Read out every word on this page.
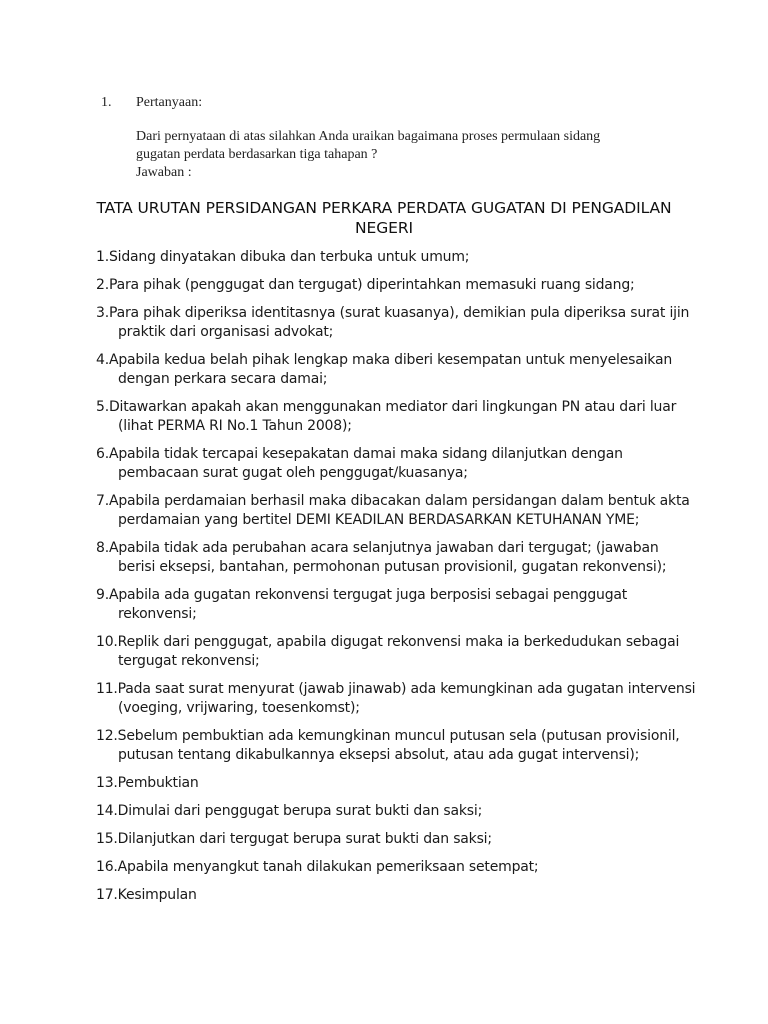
1.	Pertanyaan:

Dari pernyataan di atas silahkan Anda uraikan bagaimana proses permulaan sidang

gugatan perdata berdasarkan tiga tahapan ?

Jawaban :

TATA URUTAN PERSIDANGAN PERKARA PERDATA GUGATAN DI PENGADILAN
NEGERI
1.Sidang dinyatakan dibuka dan terbuka untuk umum;
2.Para pihak (penggugat dan tergugat) diperintahkan memasuki ruang sidang;
3.Para pihak diperiksa identitasnya (surat kuasanya), demikian pula diperiksa surat ijin praktik dari organisasi advokat;
4.Apabila kedua belah pihak lengkap maka diberi kesempatan untuk menyelesaikan dengan perkara secara damai;
5.Ditawarkan apakah akan menggunakan mediator dari lingkungan PN atau dari luar (lihat PERMA RI No.1 Tahun 2008);
6.Apabila tidak tercapai kesepakatan damai maka sidang dilanjutkan dengan pembacaan surat gugat oleh penggugat/kuasanya;
7.Apabila perdamaian berhasil maka dibacakan dalam persidangan dalam bentuk akta perdamaian yang bertitel DEMI KEADILAN BERDASARKAN KETUHANAN YME;
8.Apabila tidak ada perubahan acara selanjutnya jawaban dari tergugat; (jawaban berisi eksepsi, bantahan, permohonan putusan provisionil, gugatan rekonvensi);
9.Apabila ada gugatan rekonvensi tergugat juga berposisi sebagai penggugat rekonvensi;
10.Replik dari penggugat, apabila digugat rekonvensi maka ia berkedudukan sebagai tergugat rekonvensi;
11.Pada saat surat menyurat (jawab jinawab) ada kemungkinan ada gugatan intervensi (voeging, vrijwaring, toesenkomst);
12.Sebelum pembuktian ada kemungkinan muncul putusan sela (putusan provisionil, putusan tentang dikabulkannya eksepsi absolut, atau ada gugat intervensi);
13.Pembuktian
14.Dimulai dari penggugat berupa surat bukti dan saksi;
15.Dilanjutkan dari tergugat berupa surat bukti dan saksi;
16.Apabila menyangkut tanah dilakukan pemeriksaan setempat;
17.Kesimpulan
